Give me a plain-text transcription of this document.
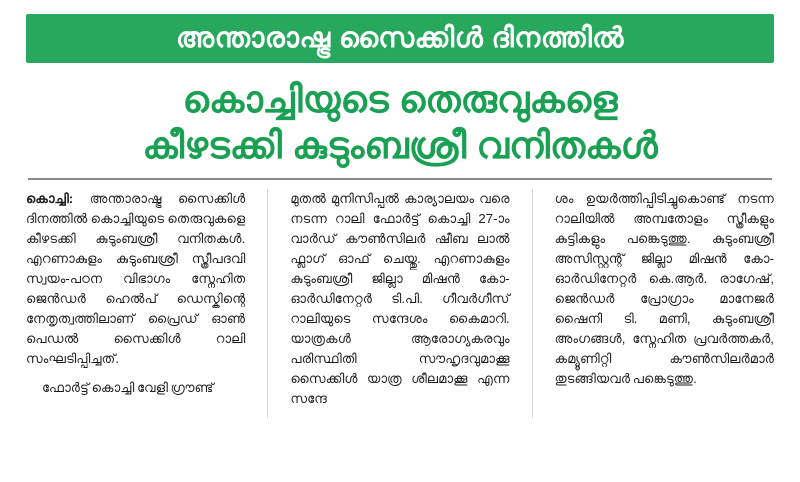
അന്താരാഷ്ട്ര സൈക്കിൾ ദിനത്തിൽ
കൊച്ചിയുടെ തെരുവുകളെ
കീഴടക്കി കുടുംബശ്രീ വനിതകൾ

കൊച്ചി: അന്താരാഷ്ട്ര സൈക്കിൾ ദിനത്തിൽ കൊച്ചിയുടെ തെരുവുകളെ കീഴടക്കി കുടുംബശ്രീ വനിതകൾ. എറണാകുളം കുടുംബശ്രീ സ്ത്രീപദവി സ്വയം-പഠന വിഭാഗം സ്നേഹിത ജെൻഡർ ഹെൽപ് ഡെസ്കിന്റെ നേതൃത്വത്തിലാണ് പ്രൈഡ് ഓൺ പെഡൽ സൈക്കിൾ റാലി സംഘടിപ്പിച്ചത്.

ഫോർട്ട് കൊച്ചി വേളി ഗ്രൗണ്ട്

മുതൽ മുനിസിപ്പൽ കാര്യാലയം വരെ നടന്ന റാലി ഫോർട്ട് കൊച്ചി 27-ാം വാർഡ് കൗൺസിലർ ഷീബ ലാൽ ഫ്ലാഗ് ഓഫ് ചെയ്തു. എറണാകുളം കുടുംബശ്രീ ജില്ലാ മിഷൻ കോ-ഓർഡിനേറ്റർ ടി.പി. ഗീവർഗീസ് റാലിയുടെ സന്ദേശം കൈമാറി. യാത്രകൾ ആരോഗ്യകരവും പരിസ്ഥിതി സൗഹൃദവുമാക്കൂ സൈക്കിൾ യാത്ര ശീലമാക്കൂ എന്ന സന്ദേ

ശം ഉയർത്തിപ്പിടിച്ചുകൊണ്ട് നടന്ന റാലിയിൽ അമ്പതോളം സ്ത്രീകളും കുട്ടികളും പങ്കെടുത്തു. കുടുംബശ്രീ അസിസ്റ്റന്റ് ജില്ലാ മിഷൻ കോ-ഓർഡിനേറ്റർ കെ.ആർ. രാഗേഷ്, ജെൻഡർ പ്രോഗ്രാം മാനേജർ ഷൈനി ടി. മണി, കുടുംബശ്രീ അംഗങ്ങൾ, സ്നേഹിത പ്രവർത്തകർ, കമ്യൂണിറ്റി കൗൺസിലർമാർ തുടങ്ങിയവർ പങ്കെടുത്തു.
